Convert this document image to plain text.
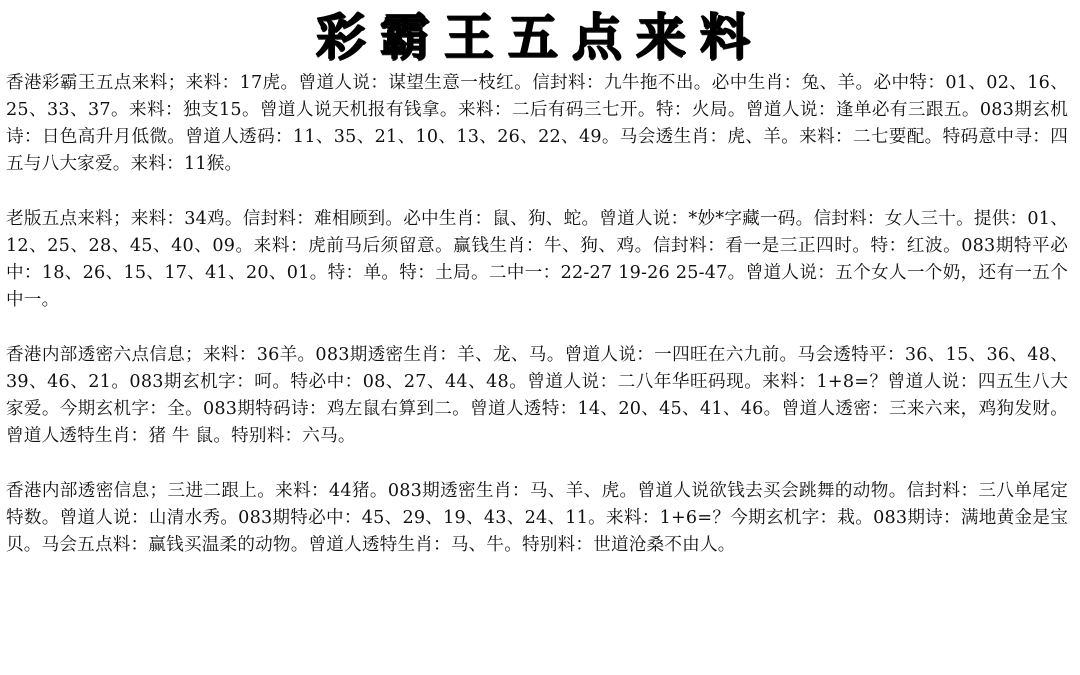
彩霸王五点来料

香港彩霸王五点来料；来料：17虎。曾道人说：谋望生意一枝红。信封料：九牛拖不出。必中生肖：兔、羊。必中特：01、02、16、25、33、37。来料：独支15。曾道人说天机报有钱拿。来料：二后有码三七开。特：火局。曾道人说：逢单必有三跟五。083期玄机诗：日色高升月低微。曾道人透码：11、35、21、10、13、26、22、49。马会透生肖：虎、羊。来料：二七要配。特码意中寻：四五与八大家爱。来料：11猴。

老版五点来料；来料：34鸡。信封料：难相顾到。必中生肖：鼠、狗、蛇。曾道人说：*妙*字藏一码。信封料：女人三十。提供：01、12、25、28、45、40、09。来料：虎前马后须留意。赢钱生肖：牛、狗、鸡。信封料：看一是三正四时。特：红波。083期特平必中：18、26、15、17、41、20、01。特：单。特：土局。二中一：22-27 19-26 25-47。曾道人说：五个女人一个奶，还有一五个中一。

香港内部透密六点信息；来料：36羊。083期透密生肖：羊、龙、马。曾道人说：一四旺在六九前。马会透特平：36、15、36、48、39、46、21。083期玄机字：呵。特必中：08、27、44、48。曾道人说：二八年华旺码现。来料：1+8=？曾道人说：四五生八大家爱。今期玄机字：全。083期特码诗：鸡左鼠右算到二。曾道人透特：14、20、45、41、46。曾道人透密：三来六来，鸡狗发财。曾道人透特生肖：猪 牛 鼠。特别料：六马。

香港内部透密信息；三进二跟上。来料：44猪。083期透密生肖：马、羊、虎。曾道人说欲钱去买会跳舞的动物。信封料：三八单尾定特数。曾道人说：山清水秀。083期特必中：45、29、19、43、24、11。来料：1+6=？今期玄机字：栽。083期诗：满地黄金是宝贝。马会五点料：赢钱买温柔的动物。曾道人透特生肖：马、牛。特别料：世道沧桑不由人。
